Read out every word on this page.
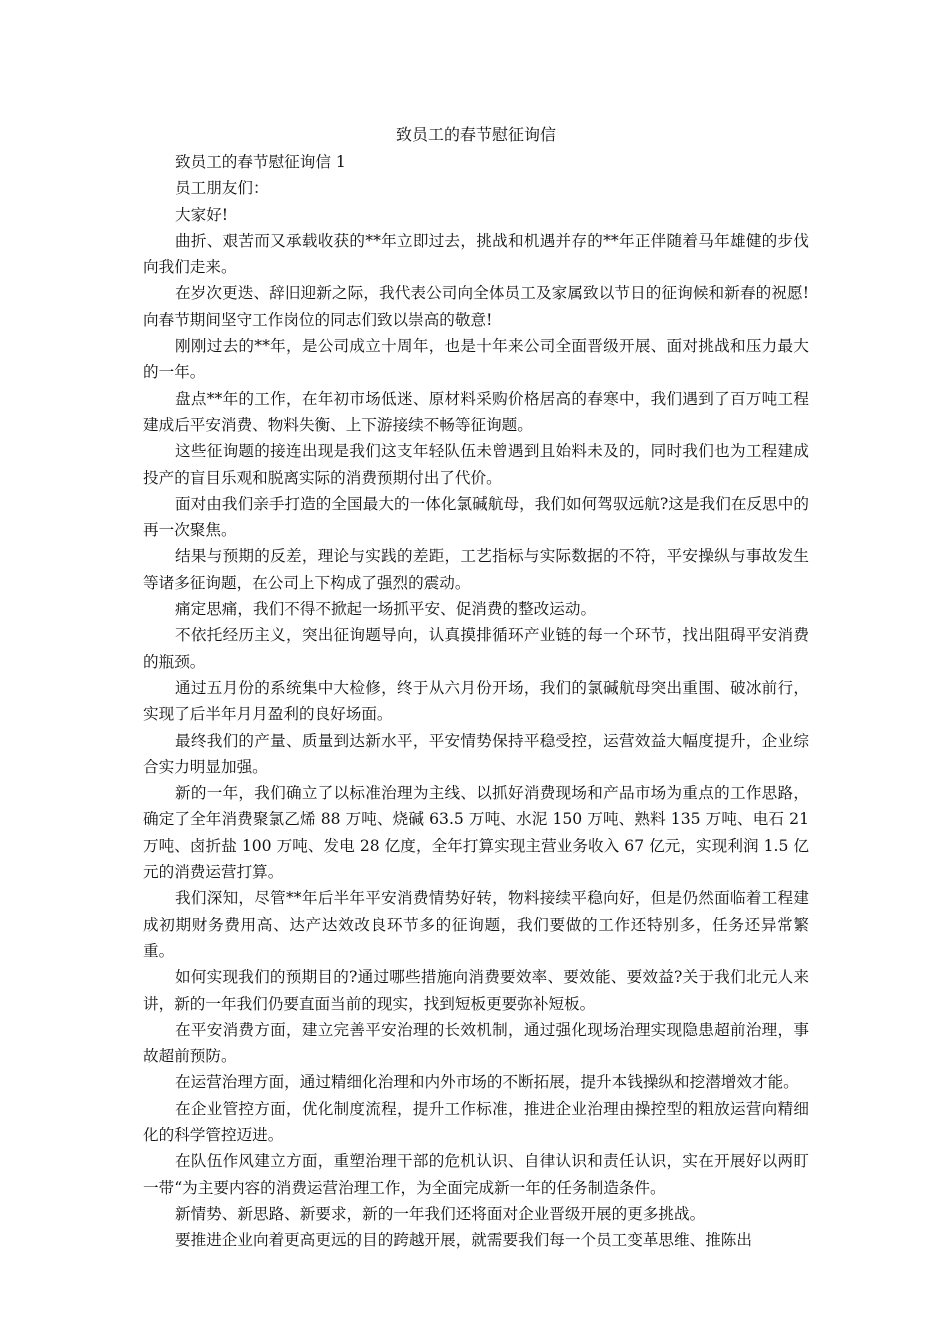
致员工的春节慰征询信

致员工的春节慰征询信 1

员工朋友们：

大家好!

曲折、艰苦而又承载收获的**年立即过去，挑战和机遇并存的**年正伴随着马年雄健的步伐向我们走来。

在岁次更迭、辞旧迎新之际，我代表公司向全体员工及家属致以节日的征询候和新春的祝愿!向春节期间坚守工作岗位的同志们致以崇高的敬意!

刚刚过去的**年，是公司成立十周年，也是十年来公司全面晋级开展、面对挑战和压力最大的一年。

盘点**年的工作，在年初市场低迷、原材料采购价格居高的春寒中，我们遇到了百万吨工程建成后平安消费、物料失衡、上下游接续不畅等征询题。

这些征询题的接连出现是我们这支年轻队伍未曾遇到且始料未及的，同时我们也为工程建成投产的盲目乐观和脱离实际的消费预期付出了代价。

面对由我们亲手打造的全国最大的一体化氯碱航母，我们如何驾驭远航?这是我们在反思中的再一次聚焦。

结果与预期的反差，理论与实践的差距，工艺指标与实际数据的不符，平安操纵与事故发生等诸多征询题，在公司上下构成了强烈的震动。

痛定思痛，我们不得不掀起一场抓平安、促消费的整改运动。

不依托经历主义，突出征询题导向，认真摸排循环产业链的每一个环节，找出阻碍平安消费的瓶颈。

通过五月份的系统集中大检修，终于从六月份开场，我们的氯碱航母突出重围、破冰前行，实现了后半年月月盈利的良好场面。

最终我们的产量、质量到达新水平，平安情势保持平稳受控，运营效益大幅度提升，企业综合实力明显加强。

新的一年，我们确立了以标准治理为主线、以抓好消费现场和产品市场为重点的工作思路，确定了全年消费聚氯乙烯 88 万吨、烧碱 63.5 万吨、水泥 150 万吨、熟料 135 万吨、电石 21 万吨、卤折盐 100 万吨、发电 28 亿度，全年打算实现主营业务收入 67 亿元，实现利润 1.5 亿元的消费运营打算。

我们深知，尽管**年后半年平安消费情势好转，物料接续平稳向好，但是仍然面临着工程建成初期财务费用高、达产达效改良环节多的征询题，我们要做的工作还特别多，任务还异常繁重。

如何实现我们的预期目的?通过哪些措施向消费要效率、要效能、要效益?关于我们北元人来讲，新的一年我们仍要直面当前的现实，找到短板更要弥补短板。

在平安消费方面，建立完善平安治理的长效机制，通过强化现场治理实现隐患超前治理，事故超前预防。

在运营治理方面，通过精细化治理和内外市场的不断拓展，提升本钱操纵和挖潜增效才能。

在企业管控方面，优化制度流程，提升工作标准，推进企业治理由操控型的粗放运营向精细化的科学管控迈进。

在队伍作风建立方面，重塑治理干部的危机认识、自律认识和责任认识，实在开展好以两盯一带“为主要内容的消费运营治理工作，为全面完成新一年的任务制造条件。

新情势、新思路、新要求，新的一年我们还将面对企业晋级开展的更多挑战。

要推进企业向着更高更远的目的跨越开展，就需要我们每一个员工变革思维、推陈出
